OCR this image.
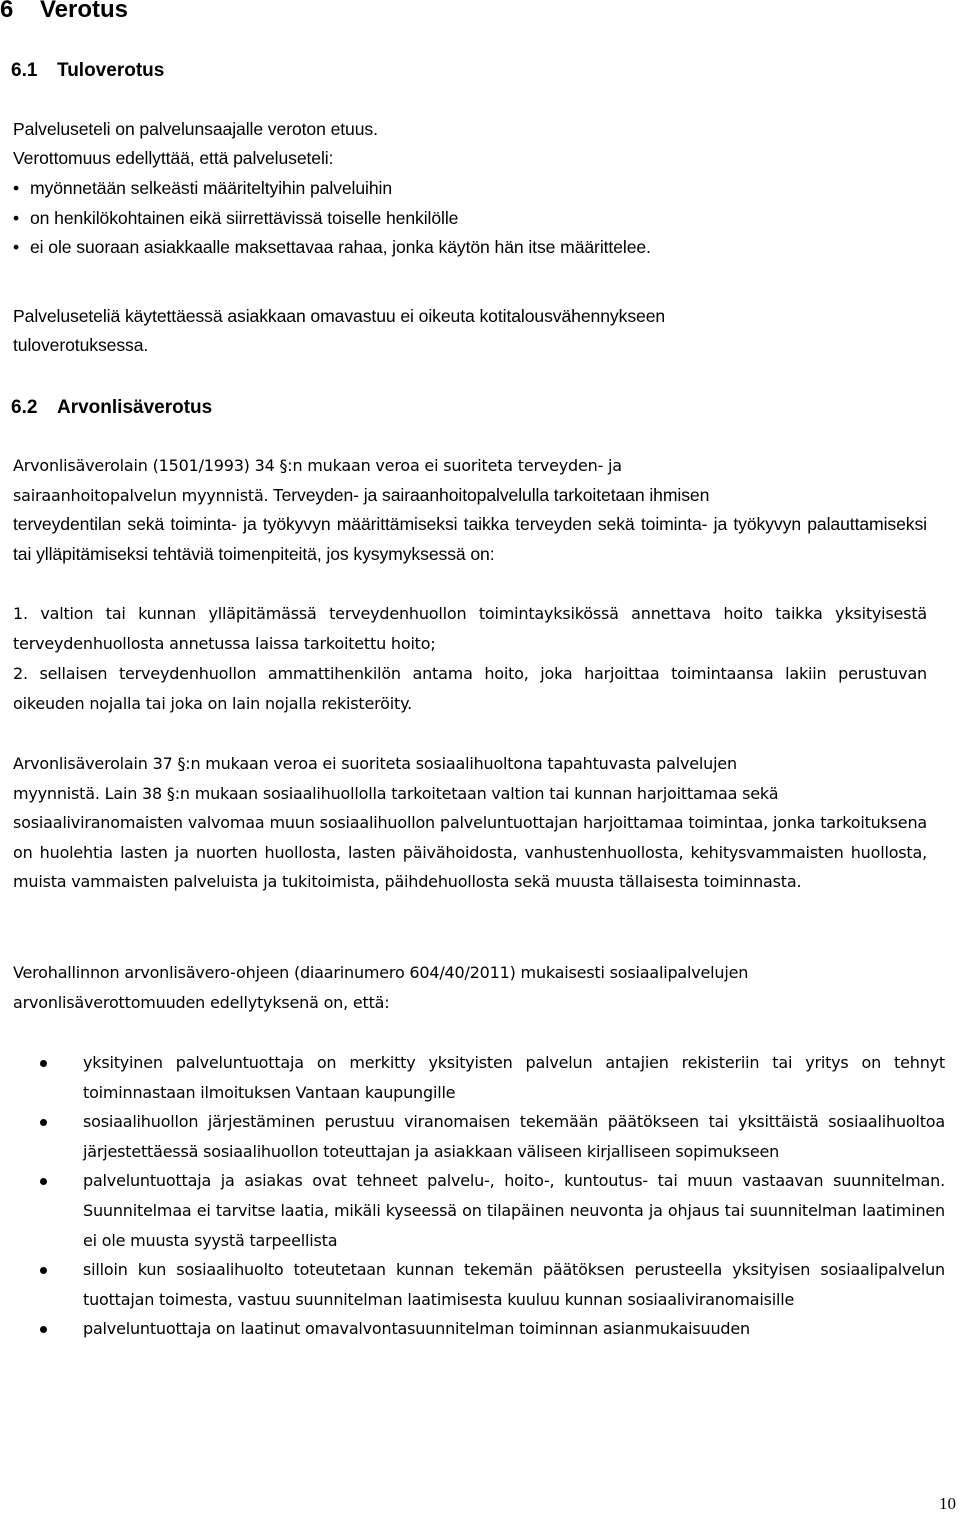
6 Verotus
6.1 Tuloverotus

Palveluseteli on palvelunsaajalle veroton etuus.

Verottomuus edellyttää, että palveluseteli:

• myönnetään selkeästi määriteltyihin palveluihin
• on henkilökohtainen eikä siirrettävissä toiselle henkilölle
• ei ole suoraan asiakkaalle maksettavaa rahaa, jonka käytön hän itse määrittelee.

Palveluseteliä käytettäessä asiakkaan omavastuu ei oikeuta kotitalousvähennykseen

tuloverotuksessa.

6.2 Arvonlisäverotus
Arvonlisäverolain (1501/1993) 34 §:n mukaan veroa ei suoriteta terveyden- ja
sairaanhoitopalvelun myynnistä. Terveyden- ja sairaanhoitopalvelulla tarkoitetaan ihmisen
terveydentilan sekä toiminta- ja työkyvyn määrittämiseksi taikka terveyden sekä toiminta- ja työkyvyn palauttamiseksi tai ylläpitämiseksi tehtäviä toimenpiteitä, jos kysymyksessä on:
1. valtion tai kunnan ylläpitämässä terveydenhuollon toimintayksikössä annettava hoito taikka yksityisestä terveydenhuollosta annetussa laissa tarkoitettu hoito;
2. sellaisen terveydenhuollon ammattihenkilön antama hoito, joka harjoittaa toimintaansa lakiin perustuvan oikeuden nojalla tai joka on lain nojalla rekisteröity.
Arvonlisäverolain 37 §:n mukaan veroa ei suoriteta sosiaalihuoltona tapahtuvasta palvelujen
myynnistä. Lain 38 §:n mukaan sosiaalihuollolla tarkoitetaan valtion tai kunnan harjoittamaa sekä
sosiaaliviranomaisten valvomaa muun sosiaalihuollon palveluntuottajan harjoittamaa toimintaa, jonka tarkoituksena on huolehtia lasten ja nuorten huollosta, lasten päivähoidosta, vanhustenhuollosta, kehitysvammaisten huollosta, muista vammaisten palveluista ja tukitoimista, päihdehuollosta sekä muusta tällaisesta toiminnasta.
Verohallinnon arvonlisävero-ohjeen (diaarinumero 604/40/2011) mukaisesti sosiaalipalvelujen arvonlisäverottomuuden edellytyksenä on, että:
yksityinen palveluntuottaja on merkitty yksityisten palvelun antajien rekisteriin tai yritys on tehnyt toiminnastaan ilmoituksen Vantaan kaupungille
sosiaalihuollon järjestäminen perustuu viranomaisen tekemään päätökseen tai yksittäistä sosiaalihuoltoa järjestettäessä sosiaalihuollon toteuttajan ja asiakkaan väliseen kirjalliseen sopimukseen
palveluntuottaja ja asiakas ovat tehneet palvelu-, hoito-, kuntoutus- tai muun vastaavan suunnitelman. Suunnitelmaa ei tarvitse laatia, mikäli kyseessä on tilapäinen neuvonta ja ohjaus tai suunnitelman laatiminen ei ole muusta syystä tarpeellista
silloin kun sosiaalihuolto toteutetaan kunnan tekemän päätöksen perusteella yksityisen sosiaalipalvelun tuottajan toimesta, vastuu suunnitelman laatimisesta kuuluu kunnan sosiaaliviranomaisille
palveluntuottaja on laatinut omavalvontasuunnitelman toiminnan asianmukaisuuden
10
